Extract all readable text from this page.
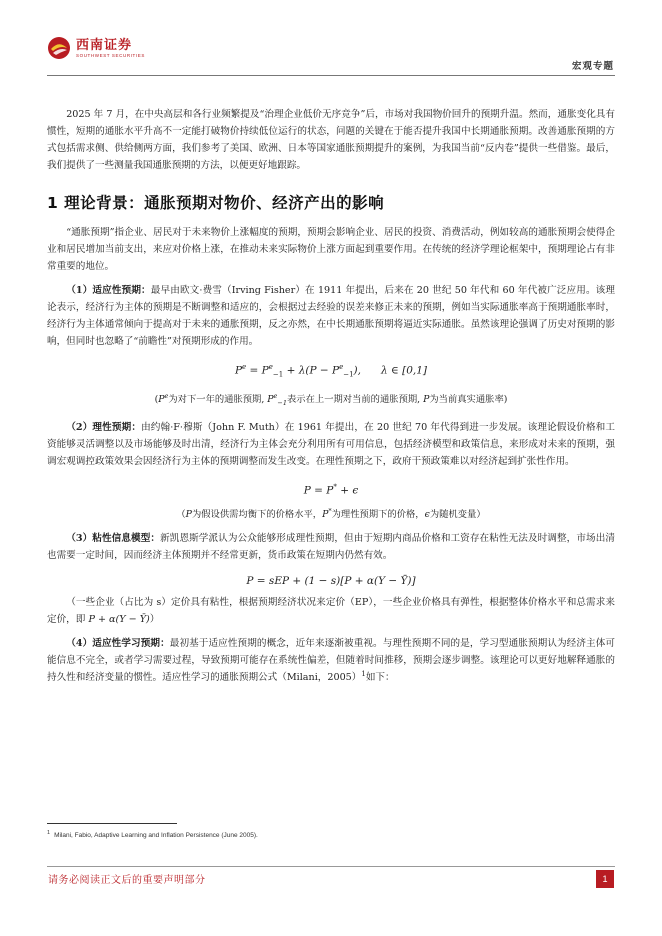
西南证券
SOUTHWEST SECURITIES
宏观专题

2025 年 7 月，在中央高层和各行业频繁提及“治理企业低价无序竞争”后，市场对我国物价回升的预期升温。然而，通胀变化具有惯性，短期的通胀水平升高不一定能打破物价持续低位运行的状态，问题的关键在于能否提升我国中长期通胀预期。改善通胀预期的方式包括需求侧、供给侧两方面，我们参考了美国、欧洲、日本等国家通胀预期提升的案例，为我国当前“反内卷”提供一些借鉴。最后，我们提供了一些测量我国通胀预期的方法，以便更好地跟踪。

1 理论背景：通胀预期对物价、经济产出的影响

“通胀预期”指企业、居民对于未来物价上涨幅度的预期，预期会影响企业、居民的投资、消费活动，例如较高的通胀预期会使得企业和居民增加当前支出，来应对价格上涨，在推动未来实际物价上涨方面起到重要作用。在传统的经济学理论框架中，预期理论占有非常重要的地位。

（1）适应性预期：最早由欧文·费雪（Irving Fisher）在 1911 年提出，后来在 20 世纪 50 年代和 60 年代被广泛应用。该理论表示，经济行为主体的预期是不断调整和适应的，会根据过去经验的误差来修正未来的预期，例如当实际通胀率高于预期通胀率时，经济行为主体通常倾向于提高对于未来的通胀预期，反之亦然，在中长期通胀预期将逼近实际通胀。虽然该理论强调了历史对预期的影响，但同时也忽略了“前瞻性”对预期形成的作用。

$P^e = P^e_{-1} + \lambda(P - P^e_{-1})$,      λ ∈ [0,1]
($P^e$为对下一年的通胀预期, $P^e_{-1}$表示在上一期对当前的通胀预期, P为当前真实通胀率)

（2）理性预期：由约翰·F·穆斯（John F. Muth）在 1961 年提出，在 20 世纪 70 年代得到进一步发展。该理论假设价格和工资能够灵活调整以及市场能够及时出清，经济行为主体会充分利用所有可用信息，包括经济模型和政策信息，来形成对未来的预期，强调宏观调控政策效果会因经济行为主体的预期调整而发生改变。在理性预期之下，政府干预政策难以对经济起到扩张性作用。

P = P* + ϵ
（P为假设供需均衡下的价格水平，P*为理性预期下的价格，ϵ为随机变量）

（3）粘性信息模型：新凯恩斯学派认为公众能够形成理性预期，但由于短期内商品价格和工资存在粘性无法及时调整，市场出清也需要一定时间，因而经济主体预期并不经常更新，货币政策在短期内仍然有效。

P = sEP + (1 − s)[P + α(Y − Ȳ)]

（一些企业（占比为 s）定价具有粘性，根据预期经济状况来定价（EP），一些企业价格具有弹性，根据整体价格水平和总需求来定价，即 P + α(Y − Ȳ)）

（4）适应性学习预期：最初基于适应性预期的概念，近年来逐渐被重视。与理性预期不同的是，学习型通胀预期认为经济主体可能信息不完全，或者学习需要过程，导致预期可能存在系统性偏差，但随着时间推移，预期会逐步调整。该理论可以更好地解释通胀的持久性和经济变量的惯性。适应性学习的通胀预期公式（Milani，2005）$^1$如下：

$^1$ Milani, Fabio, Adaptive Learning and Inflation Persistence (June 2005).
请务必阅读正文后的重要声明部分	1
